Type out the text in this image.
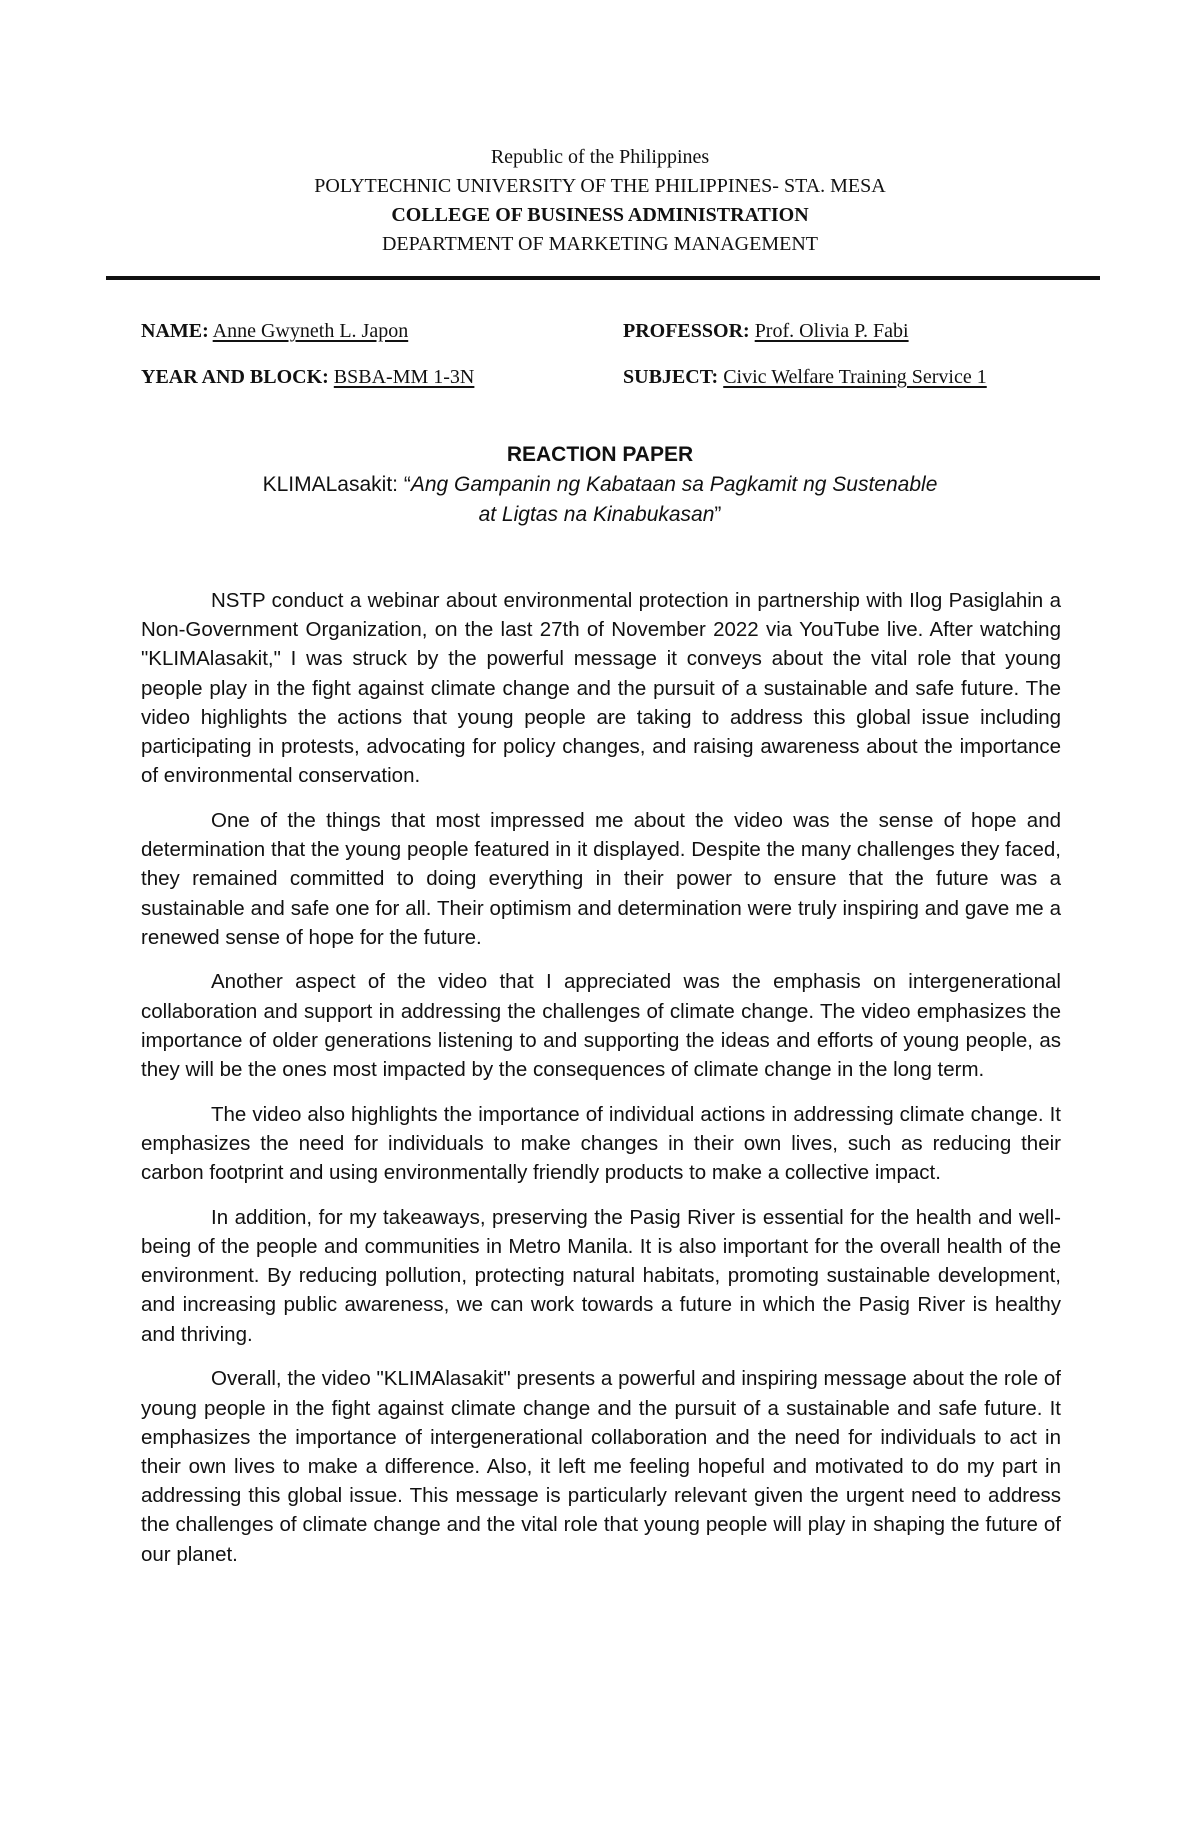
Republic of the Philippines
POLYTECHNIC UNIVERSITY OF THE PHILIPPINES- STA. MESA
COLLEGE OF BUSINESS ADMINISTRATION
DEPARTMENT OF MARKETING MANAGEMENT
NAME: Anne Gwyneth L. Japon	PROFESSOR: Prof. Olivia P. Fabi
YEAR AND BLOCK: BSBA-MM 1-3N	SUBJECT: Civic Welfare Training Service 1
REACTION PAPER
KLIMALasakit: “Ang Gampanin ng Kabataan sa Pagkamit ng Sustenable
at Ligtas na Kinabukasan”

NSTP conduct a webinar about environmental protection in partnership with Ilog Pasiglahin a Non-Government Organization, on the last 27th of November 2022 via YouTube live. After watching "KLIMAlasakit," I was struck by the powerful message it conveys about the vital role that young people play in the fight against climate change and the pursuit of a sustainable and safe future. The video highlights the actions that young people are taking to address this global issue including participating in protests, advocating for policy changes, and raising awareness about the importance of environmental conservation.

One of the things that most impressed me about the video was the sense of hope and determination that the young people featured in it displayed. Despite the many challenges they faced, they remained committed to doing everything in their power to ensure that the future was a sustainable and safe one for all. Their optimism and determination were truly inspiring and gave me a renewed sense of hope for the future.

Another aspect of the video that I appreciated was the emphasis on intergenerational collaboration and support in addressing the challenges of climate change. The video emphasizes the importance of older generations listening to and supporting the ideas and efforts of young people, as they will be the ones most impacted by the consequences of climate change in the long term.

The video also highlights the importance of individual actions in addressing climate change. It emphasizes the need for individuals to make changes in their own lives, such as reducing their carbon footprint and using environmentally friendly products to make a collective impact.

In addition, for my takeaways, preserving the Pasig River is essential for the health and well-being of the people and communities in Metro Manila. It is also important for the overall health of the environment. By reducing pollution, protecting natural habitats, promoting sustainable development, and increasing public awareness, we can work towards a future in which the Pasig River is healthy and thriving.

Overall, the video "KLIMAlasakit" presents a powerful and inspiring message about the role of young people in the fight against climate change and the pursuit of a sustainable and safe future. It emphasizes the importance of intergenerational collaboration and the need for individuals to act in their own lives to make a difference. Also, it left me feeling hopeful and motivated to do my part in addressing this global issue. This message is particularly relevant given the urgent need to address the challenges of climate change and the vital role that young people will play in shaping the future of our planet.
